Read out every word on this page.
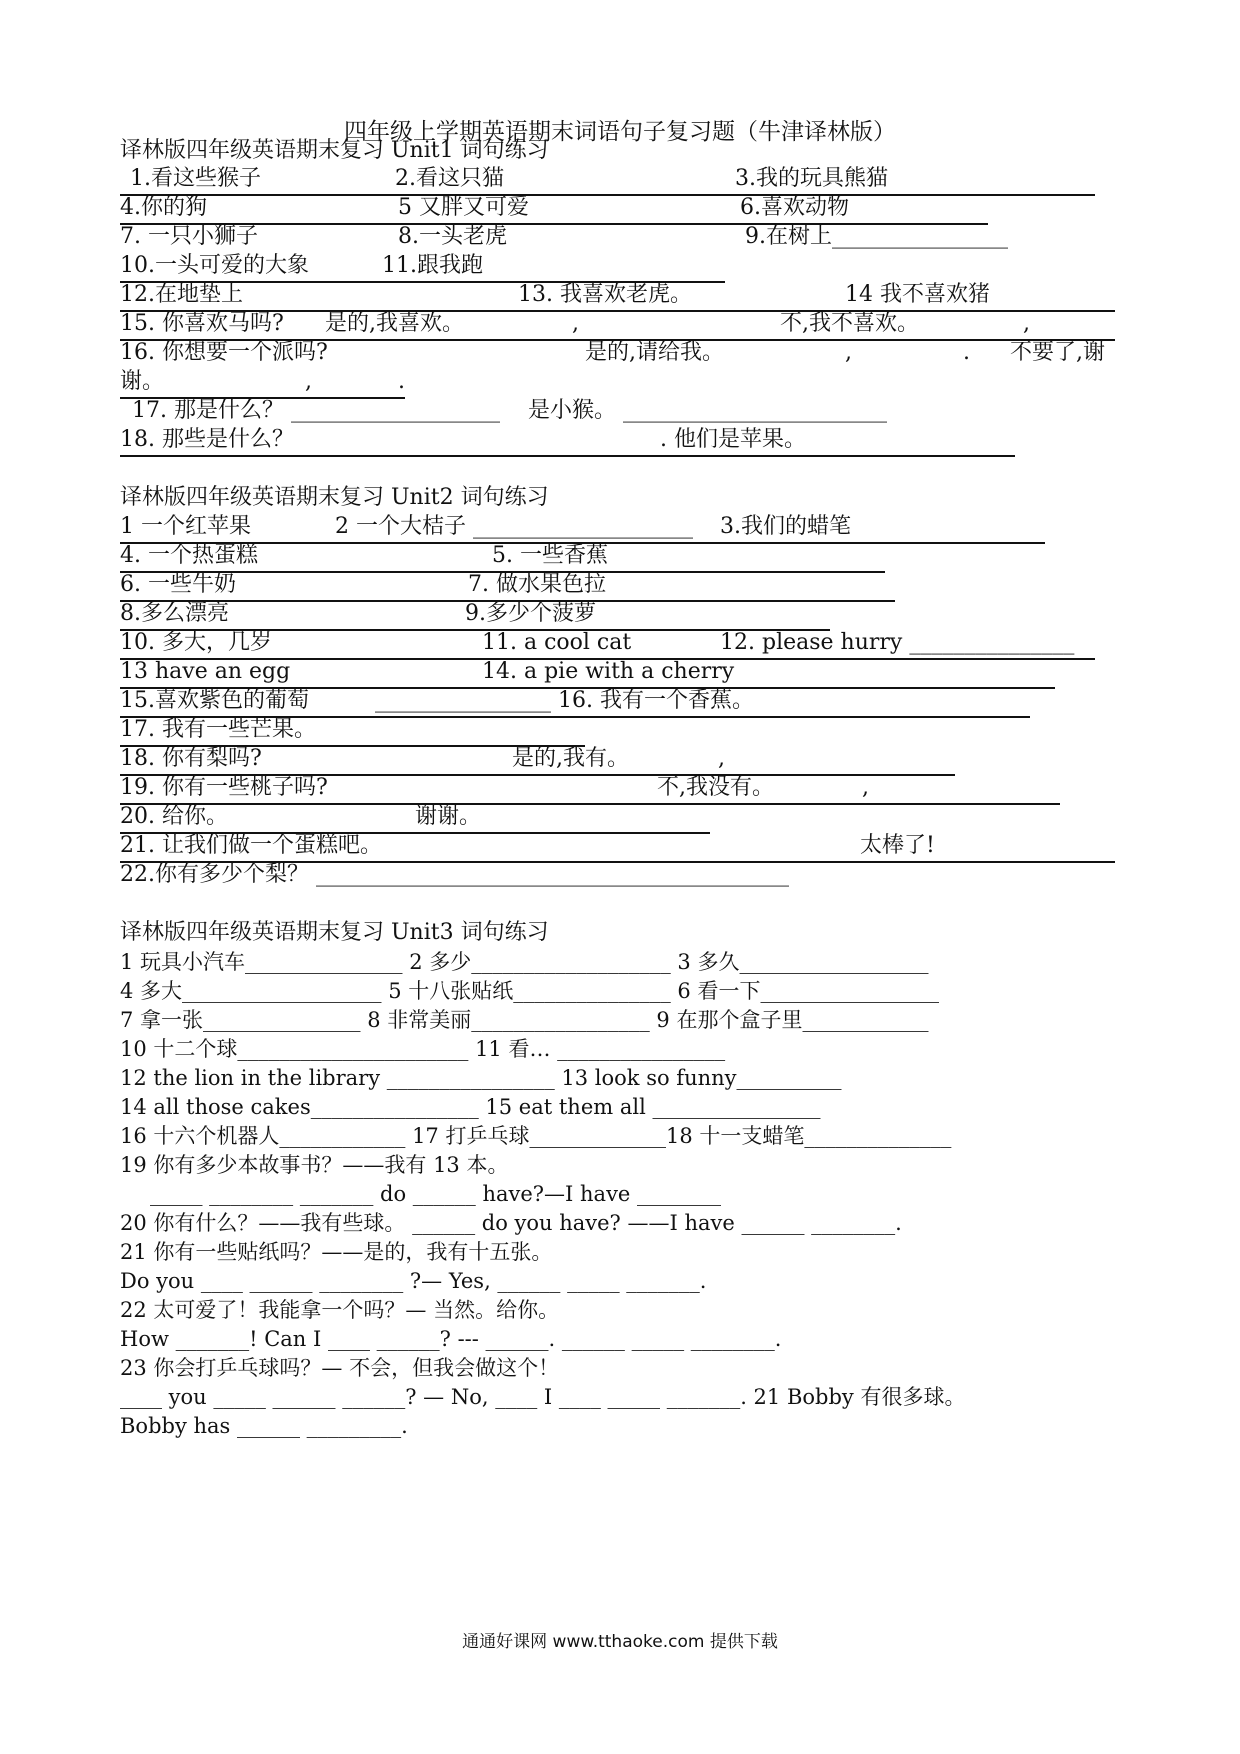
四年级上学期英语期末词语句子复习题（牛津译林版）
译林版四年级英语期末复习 Unit1 词句练习
1.看这些猴子	2.看这只猫	3.我的玩具熊猫
4.你的狗	5 又胖又可爱	6.喜欢动物
7. 一只小狮子	8.一头老虎	9.在树上________________
10.一头可爱的大象	11.跟我跑
12.在地垫上	13. 我喜欢老虎。	14 我不喜欢猪
15. 你喜欢马吗? 是的,我喜欢。	,	不,我不喜欢。	,
16. 你想要一个派吗?	是的,请给我。	,	. 不要了,谢
谢。	,	.
17. 那是什么？ ___________________ 是小猴。 ________________________
18. 那些是什么？	. 他们是苹果。
译林版四年级英语期末复习 Unit2 词句练习
1 一个红苹果	2 一个大桔子 ____________________ 3.我们的蜡笔
4. 一个热蛋糕	5. 一些香蕉
6. 一些牛奶	7. 做水果色拉
8.多么漂亮	9.多少个菠萝
10. 多大，几岁	11. a cool cat	12. please hurry _______________
13 have an egg	14. a pie with a cherry
15.喜欢紫色的葡萄	________________ 16. 我有一个香蕉。
17. 我有一些芒果。
18. 你有梨吗?	是的,我有。	,
19. 你有一些桃子吗?	不,我没有。	,
20. 给你。	谢谢。
21. 让我们做一个蛋糕吧。	太棒了!
22.你有多少个梨？ ___________________________________________
译林版四年级英语期末复习 Unit3 词句练习
1 玩具小汽车_______________ 2 多少___________________ 3 多久__________________
4 多大___________________ 5 十八张贴纸_______________ 6 看一下_________________
7 拿一张_______________ 8 非常美丽_________________ 9 在那个盒子里____________
10 十二个球______________________ 11 看… ________________
12 the lion in the library ________________ 13 look so funny__________
14 all those cakes________________ 15 eat them all ________________
16 十六个机器人____________ 17 打乒乓球_____________18 十一支蜡笔______________
19 你有多少本故事书？——我有 13 本。
_____ ________ _______ do ______ have?—I have ________
20 你有什么？——我有些球。 ______ do you have? ——I have ______ ________.
21 你有一些贴纸吗？——是的，我有十五张。
Do you ____ ______ ________ ?— Yes, ______ _____ _______.
22 太可爱了！我能拿一个吗？— 当然。给你。
How _______! Can I ____ ______? --- ______. ______ _____ ________.
23 你会打乒乓球吗？— 不会，但我会做这个！
____ you _____ ______ ______? — No, ____ I ____ _____ _______. 21 Bobby 有很多球。
Bobby has ______ _________.
通通好课网 www.tthaoke.com 提供下载
